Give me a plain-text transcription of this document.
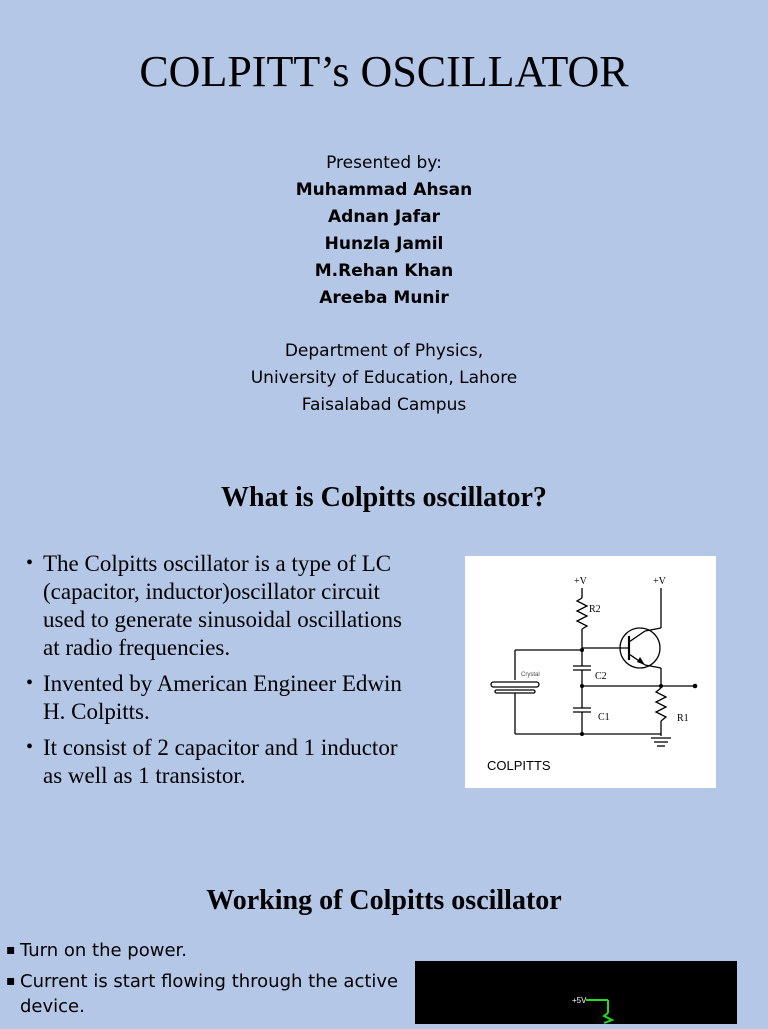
COLPITT’s OSCILLATOR
Presented by:
Muhammad Ahsan
Adnan Jafar
Hunzla Jamil
M.Rehan Khan
Areeba Munir
Department of Physics,
University of Education, Lahore
Faisalabad Campus
What is Colpitts oscillator?
• The Colpitts oscillator is a type of LC (capacitor, inductor)oscillator circuit used to generate sinusoidal oscillations at radio frequencies.
• Invented by American Engineer Edwin H. Colpitts.
• It consist of 2 capacitor and 1 inductor as well as 1 transistor.
+V	+V
R2
C2
C1	R1
Crystal
COLPITTS
Working of Colpitts oscillator
▪ Turn on the power.
▪ Current is start flowing through the active device.	+5V
